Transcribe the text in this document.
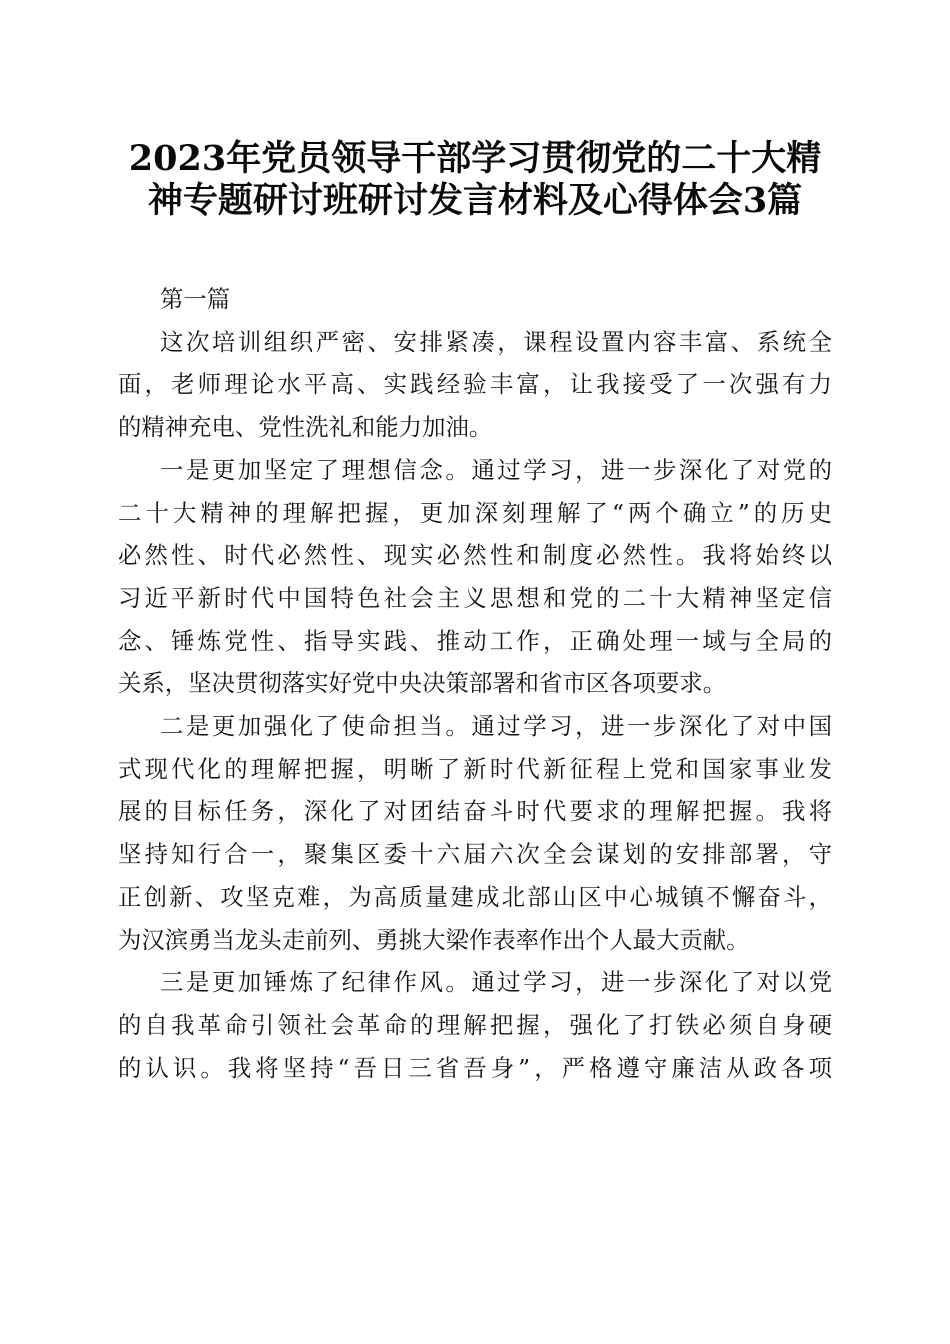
2023年党员领导干部学习贯彻党的二十大精
神专题研讨班研讨发言材料及心得体会3篇

第一篇

这次培训组织严密、安排紧凑，课程设置内容丰富、系统全
面，老师理论水平高、实践经验丰富，让我接受了一次强有力
的精神充电、党性洗礼和能力加油。

一是更加坚定了理想信念。通过学习，进一步深化了对党的
二十大精神的理解把握，更加深刻理解了“两个确立”的历史
必然性、时代必然性、现实必然性和制度必然性。我将始终以
习近平新时代中国特色社会主义思想和党的二十大精神坚定信
念、锤炼党性、指导实践、推动工作，正确处理一域与全局的
关系，坚决贯彻落实好党中央决策部署和省市区各项要求。

二是更加强化了使命担当。通过学习，进一步深化了对中国
式现代化的理解把握，明晰了新时代新征程上党和国家事业发
展的目标任务，深化了对团结奋斗时代要求的理解把握。我将
坚持知行合一，聚集区委十六届六次全会谋划的安排部署，守
正创新、攻坚克难，为高质量建成北部山区中心城镇不懈奋斗，
为汉滨勇当龙头走前列、勇挑大梁作表率作出个人最大贡献。

三是更加锤炼了纪律作风。通过学习，进一步深化了对以党
的自我革命引领社会革命的理解把握，强化了打铁必须自身硬
的认识。我将坚持“吾日三省吾身”，严格遵守廉洁从政各项
